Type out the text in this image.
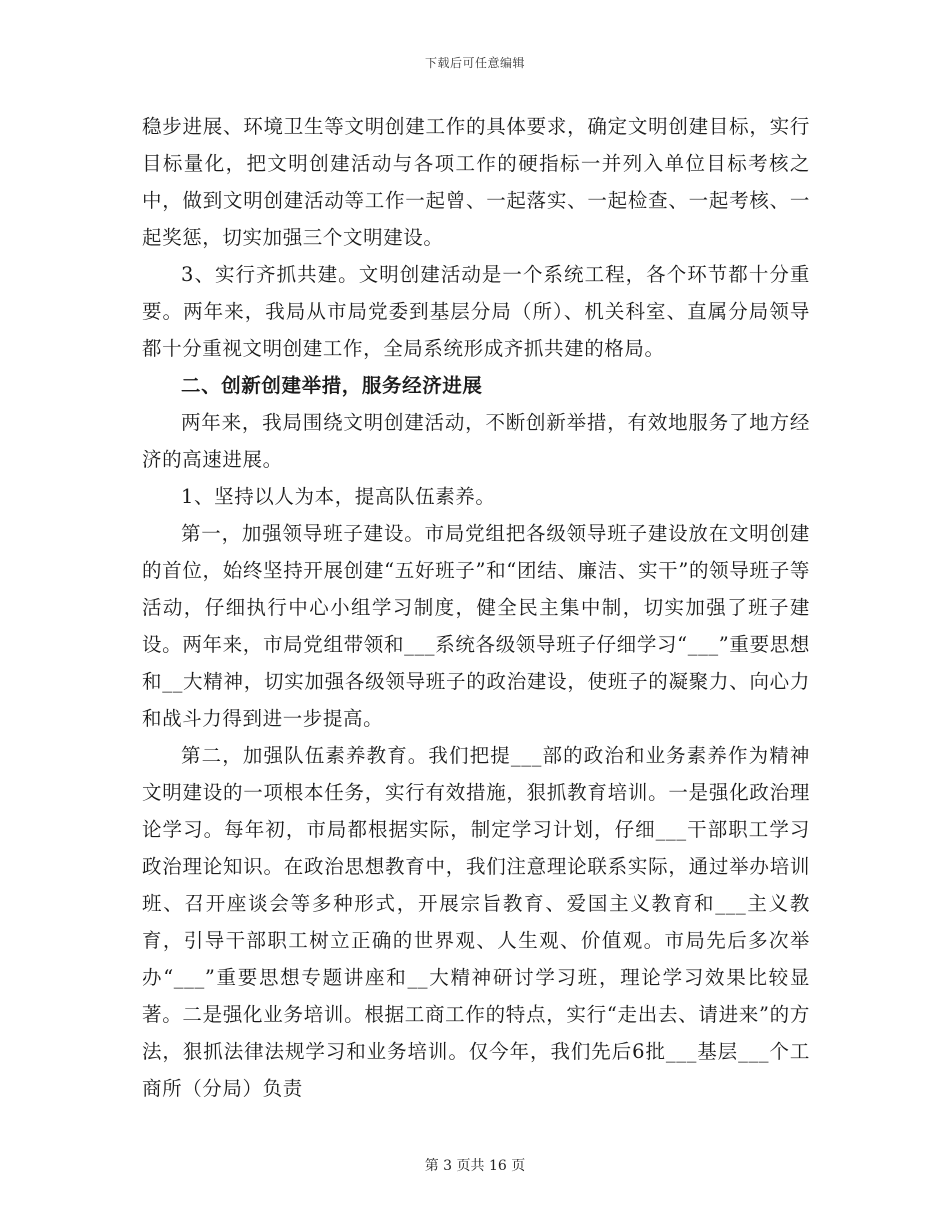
下载后可任意编辑

稳步进展、环境卫生等文明创建工作的具体要求，确定文明创建目标，实行目标量化，把文明创建活动与各项工作的硬指标一并列入单位目标考核之中，做到文明创建活动等工作一起曾、一起落实、一起检查、一起考核、一起奖惩，切实加强三个文明建设。

3、实行齐抓共建。文明创建活动是一个系统工程，各个环节都十分重要。两年来，我局从市局党委到基层分局（所）、机关科室、直属分局领导都十分重视文明创建工作，全局系统形成齐抓共建的格局。

二、创新创建举措，服务经济进展

两年来，我局围绕文明创建活动，不断创新举措，有效地服务了地方经济的高速进展。

1、坚持以人为本，提高队伍素养。

第一，加强领导班子建设。市局党组把各级领导班子建设放在文明创建的首位，始终坚持开展创建“五好班子”和“团结、廉洁、实干”的领导班子等活动，仔细执行中心小组学习制度，健全民主集中制，切实加强了班子建设。两年来，市局党组带领和___系统各级领导班子仔细学习“___”重要思想和__大精神，切实加强各级领导班子的政治建设，使班子的凝聚力、向心力和战斗力得到进一步提高。

第二，加强队伍素养教育。我们把提___部的政治和业务素养作为精神文明建设的一项根本任务，实行有效措施，狠抓教育培训。一是强化政治理论学习。每年初，市局都根据实际，制定学习计划，仔细___干部职工学习政治理论知识。在政治思想教育中，我们注意理论联系实际，通过举办培训班、召开座谈会等多种形式，开展宗旨教育、爱国主义教育和___主义教育，引导干部职工树立正确的世界观、人生观、价值观。市局先后多次举办“___”重要思想专题讲座和__大精神研讨学习班，理论学习效果比较显著。二是强化业务培训。根据工商工作的特点，实行“走出去、请进来”的方法，狠抓法律法规学习和业务培训。仅今年，我们先后6批___基层___个工商所（分局）负责

第 3 页共 16 页
